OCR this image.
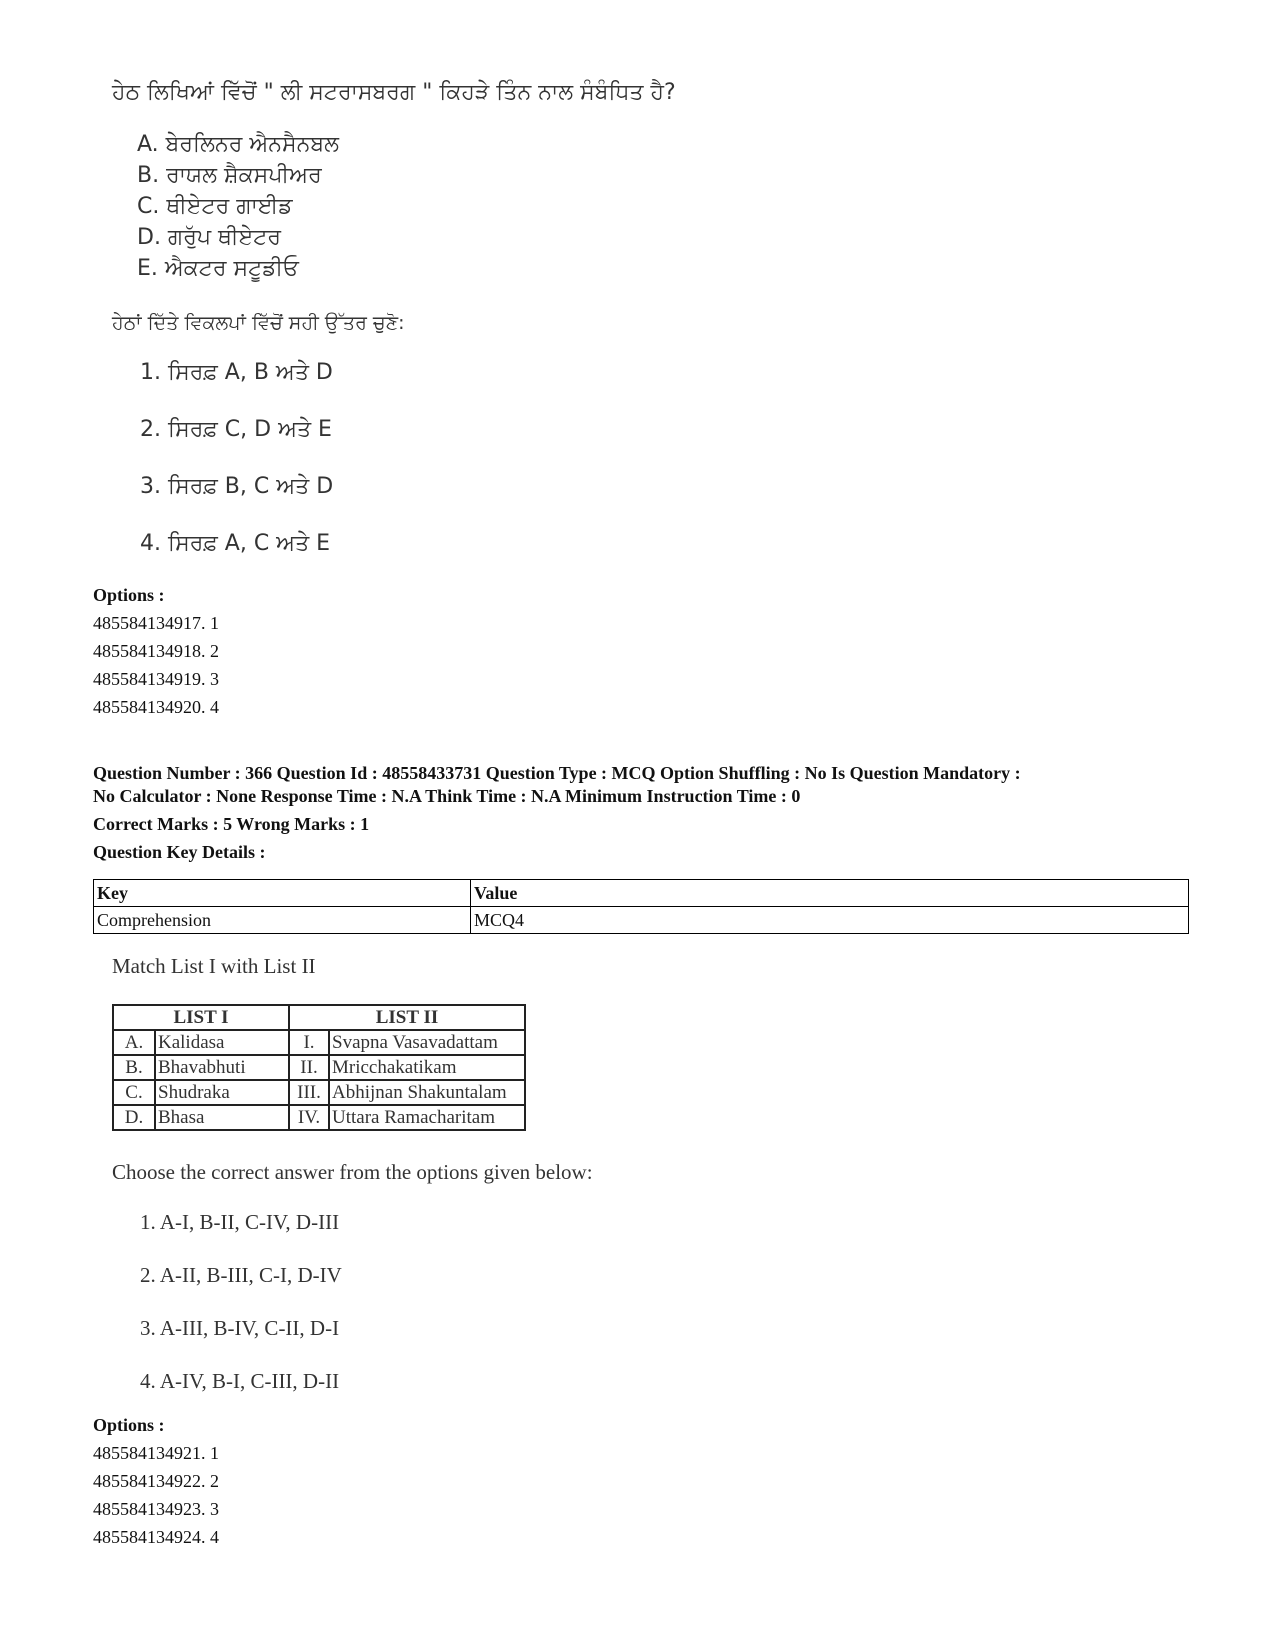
ਹੇਠ ਲਿਖਿਆਂ ਵਿੱਚੋਂ " ਲੀ ਸਟਰਾਸਬਰਗ " ਕਿਹੜੇ ਤਿੰਨ ਨਾਲ ਸੰਬੰਧਿਤ ਹੈ?
A. ਬੇਰਲਿਨਰ ਐਨਸੈਨਬਲ
B. ਰਾਯਲ ਸ਼ੈਕਸਪੀਅਰ
C. ਥੀਏਟਰ ਗਾਈਡ
D. ਗਰੁੱਪ ਥੀਏਟਰ
E. ਐਕਟਰ ਸਟੂਡੀਓ
ਹੇਠਾਂ ਦਿੱਤੇ ਵਿਕਲਪਾਂ ਵਿੱਚੋਂ ਸਹੀ ਉੱਤਰ ਚੁਣੋ:
1. ਸਿਰਫ਼ A, B ਅਤੇ D
2. ਸਿਰਫ਼ C, D ਅਤੇ E
3. ਸਿਰਫ਼ B, C ਅਤੇ D
4. ਸਿਰਫ਼ A, C ਅਤੇ E
Options :
485584134917. 1
485584134918. 2
485584134919. 3
485584134920. 4
Question Number : 366 Question Id : 48558433731 Question Type : MCQ Option Shuffling : No Is Question Mandatory :
No Calculator : None Response Time : N.A Think Time : N.A Minimum Instruction Time : 0
Correct Marks : 5 Wrong Marks : 1
Question Key Details :
Key	Value
Comprehension	MCQ4
Match List I with List II
LIST I		LIST II	
A.	Kalidasa	I.	Svapna Vasavadattam
B.	Bhavabhuti	II.	Mricchakatikam
C.	Shudraka	III.	Abhijnan Shakuntalam
D.	Bhasa	IV.	Uttara Ramacharitam
Choose the correct answer from the options given below:
1. A-I, B-II, C-IV, D-III
2. A-II, B-III, C-I, D-IV
3. A-III, B-IV, C-II, D-I
4. A-IV, B-I, C-III, D-II
Options :
485584134921. 1
485584134922. 2
485584134923. 3
485584134924. 4
